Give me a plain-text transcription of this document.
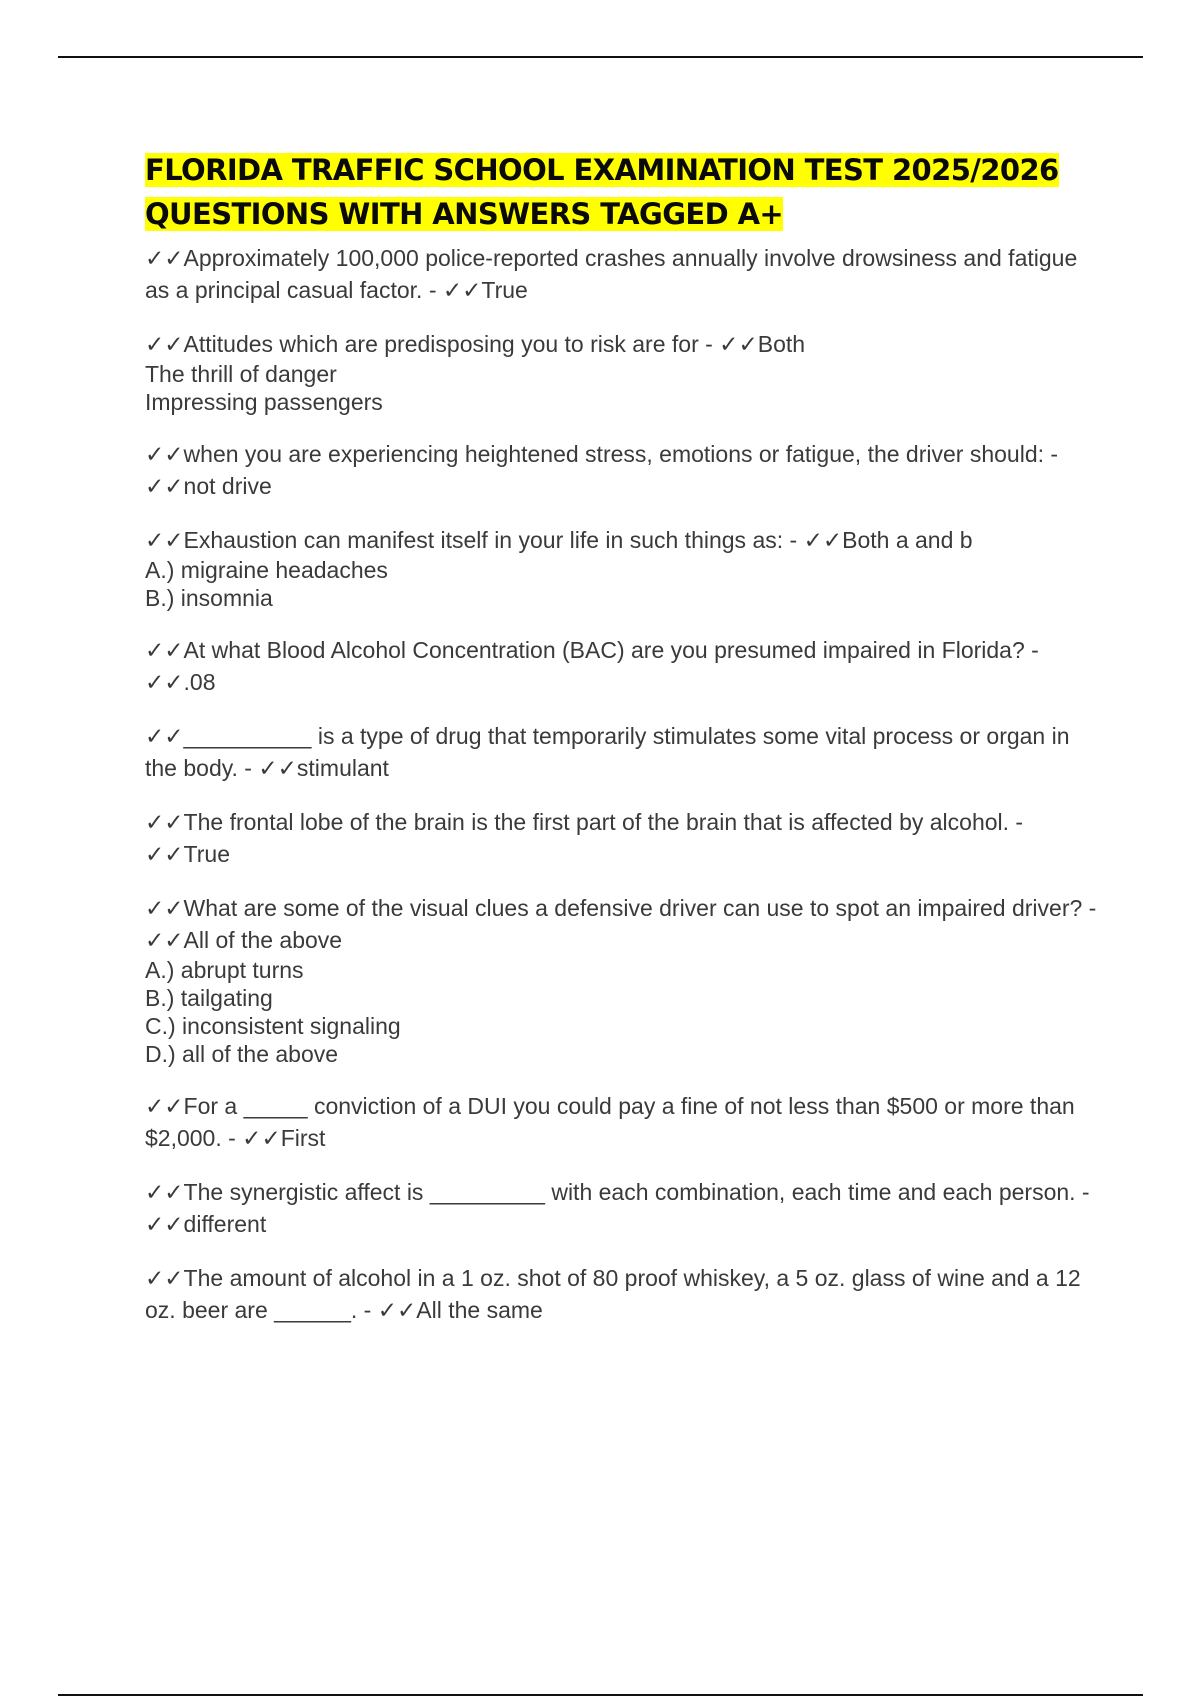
FLORIDA TRAFFIC SCHOOL EXAMINATION TEST 2025/2026
QUESTIONS WITH ANSWERS TAGGED A+
✓✓Approximately 100,000 police-reported crashes annually involve drowsiness and fatigue as a principal casual factor. - ✓✓True
✓✓Attitudes which are predisposing you to risk are for - ✓✓Both
The thrill of danger
Impressing passengers
✓✓when you are experiencing heightened stress, emotions or fatigue, the driver should: - ✓✓not drive
✓✓Exhaustion can manifest itself in your life in such things as: - ✓✓Both a and b
A.) migraine headaches
B.) insomnia
✓✓At what Blood Alcohol Concentration (BAC) are you presumed impaired in Florida? - ✓✓.08
✓✓__________ is a type of drug that temporarily stimulates some vital process or organ in the body. - ✓✓stimulant
✓✓The frontal lobe of the brain is the first part of the brain that is affected by alcohol. - ✓✓True
✓✓What are some of the visual clues a defensive driver can use to spot an impaired driver? - ✓✓All of the above
A.) abrupt turns
B.) tailgating
C.) inconsistent signaling
D.) all of the above
✓✓For a _____ conviction of a DUI you could pay a fine of not less than $500 or more than $2,000. - ✓✓First
✓✓The synergistic affect is _________ with each combination, each time and each person. - ✓✓different
✓✓The amount of alcohol in a 1 oz. shot of 80 proof whiskey, a 5 oz. glass of wine and a 12 oz. beer are ______. - ✓✓All the same
